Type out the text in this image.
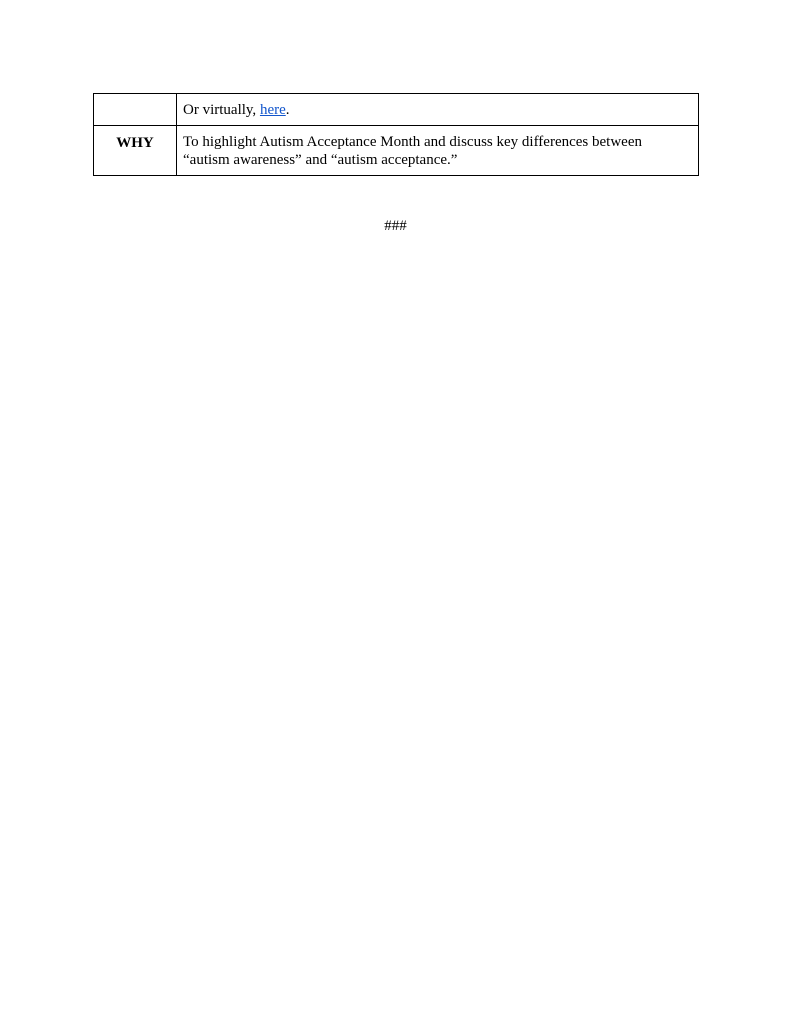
	Or virtually, here.
WHY	To highlight Autism Acceptance Month and discuss key differences between “autism awareness” and “autism acceptance.”
###
